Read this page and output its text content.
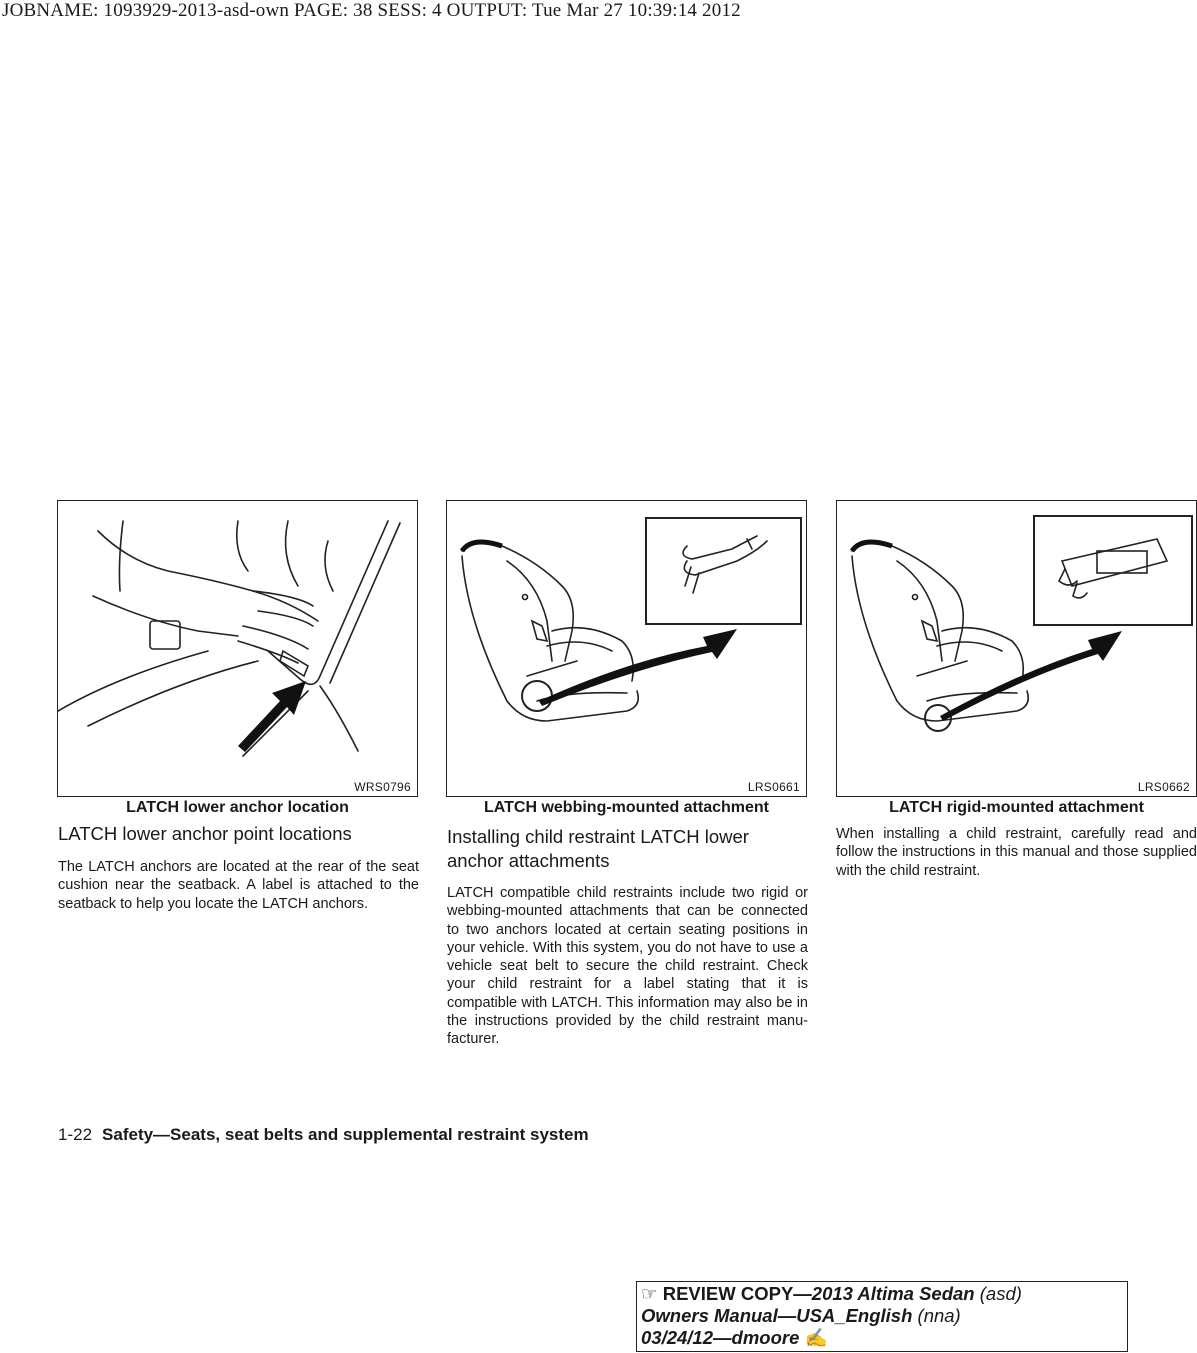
JOBNAME: 1093929-2013-asd-own PAGE: 38 SESS: 4 OUTPUT: Tue Mar 27 10:39:14 2012
WRS0796	LRS0661	LRS0662
LATCH lower anchor location	LATCH webbing-mounted attachment	LATCH rigid-mounted attachment
LATCH lower anchor point locations

The LATCH anchors are located at the rear of the seat cushion near the seatback. A label is attached to the seatback to help you locate the LATCH anchors.

Installing child restraint LATCH lower anchor attachments

LATCH compatible child restraints include two rigid or webbing-mounted attachments that can be connected to two anchors located at certain seating positions in your vehicle. With this system, you do not have to use a vehicle seat belt to secure the child restraint. Check your child restraint for a label stating that it is compatible with LATCH. This information may also be in the instructions provided by the child restraint manufacturer.

When installing a child restraint, carefully read and follow the instructions in this manual and those supplied with the child restraint.

1-22 Safety—Seats, seat belts and supplemental restraint system
☞ REVIEW COPY—2013 Altima Sedan (asd)
Owners Manual—USA_English (nna)
03/24/12—dmoore ✍
